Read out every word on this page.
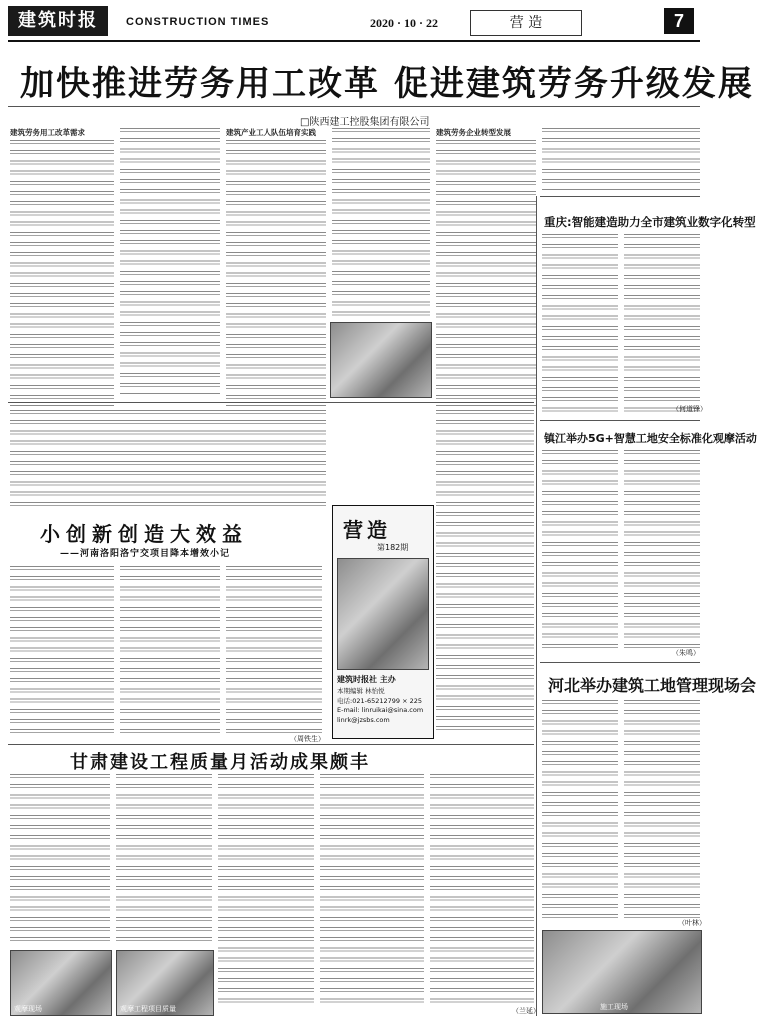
建筑时报	CONSTRUCTION TIMES	2020 · 10 · 22	营 造	7
加快推进劳务用工改革 促进建筑劳务升级发展
□陕西建工控股集团有限公司
建筑劳务用工改革需求	建筑产业工人队伍培育实践	建筑劳务企业转型发展
重庆:智能建造助力全市建筑业数字化转型
（何道锋）
镇江举办5G+智慧工地安全标准化观摩活动
（朱鸣）
河北举办建筑工地管理现场会
（叶林）
施工现场
小创新创造大效益
——河南洛阳洛宁交项目降本增效小记
（周铁生）
营造
第182期
建筑时报社 主办
本期编辑 林怡悦
电话:021-65212799 × 225
E-mail: linruikai@sina.com
linrk@jzsbs.com
甘肃建设工程质量月活动成果颇丰
（兰延）
观摩现场	观摩工程项目质量
